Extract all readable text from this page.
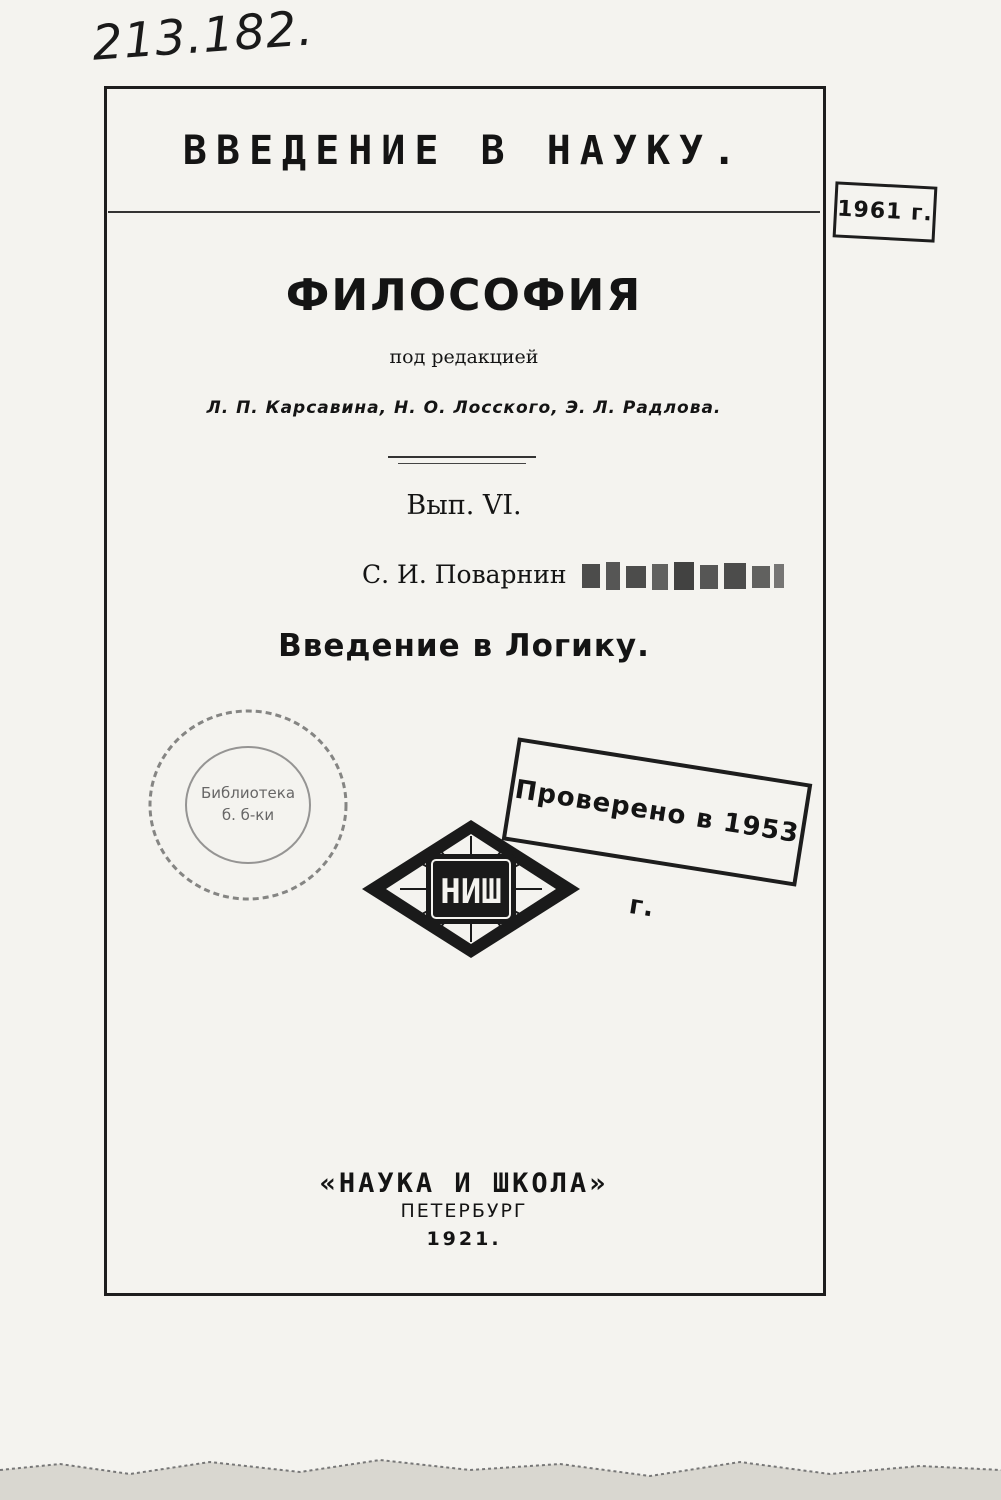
213.182.
ВВЕДЕНИЕ В НАУКУ.
1961 г.
ФИЛОСОФИЯ
под редакцией
Л. П. Карсавина, Н. О. Лосского, Э. Л. Радлова.
Вып. VI.
С. И. Поварнин
Введение в Логику.
Библиотека
б. б-ки	Проверено в 1953 г.
НИШ
«НАУКА И ШКОЛА»
ПЕТЕРБУРГ
1921.
